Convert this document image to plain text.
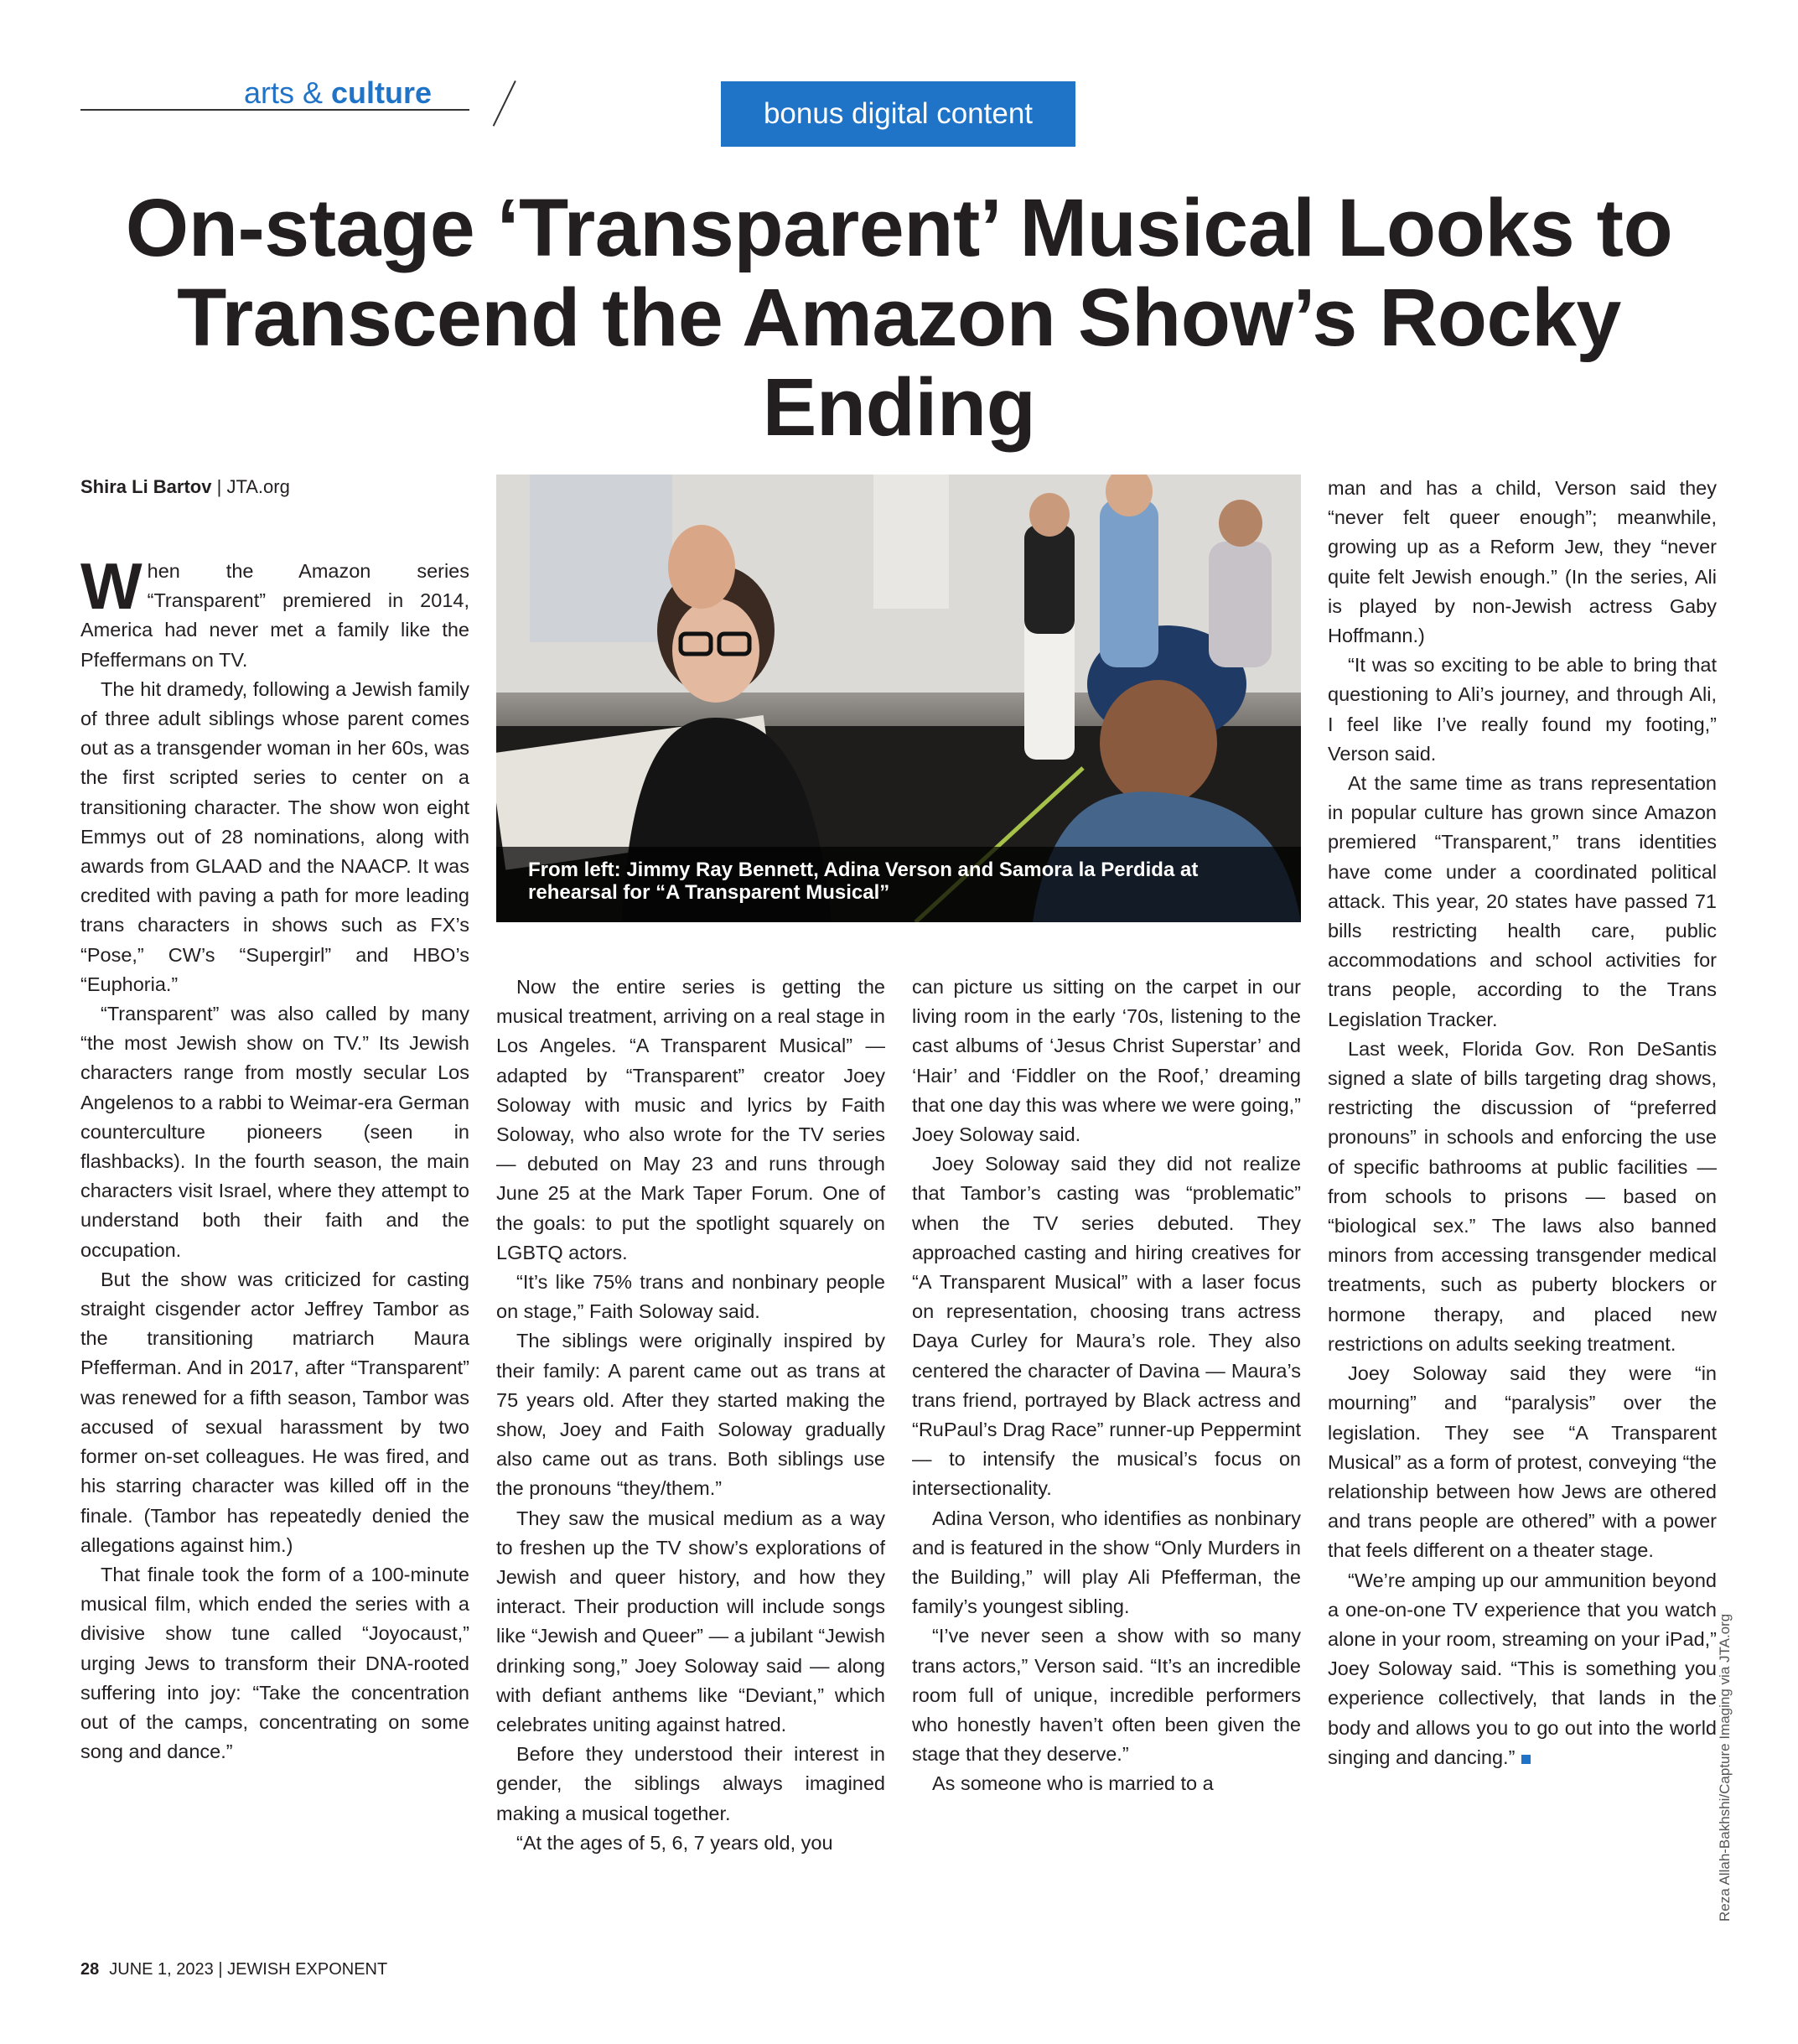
arts & culture
bonus digital content
On-stage ‘Transparent’ Musical Looks to Transcend the Amazon Show’s Rocky Ending
Shira Li Bartov | JTA.org

When the Amazon series “Transparent” premiered in 2014, America had never met a family like the Pfeffermans on TV.

The hit dramedy, following a Jewish family of three adult siblings whose parent comes out as a transgender woman in her 60s, was the first scripted series to center on a transitioning character. The show won eight Emmys out of 28 nominations, along with awards from GLAAD and the NAACP. It was credited with paving a path for more leading trans characters in shows such as FX’s “Pose,” CW’s “Supergirl” and HBO’s “Euphoria.”

“Transparent” was also called by many “the most Jewish show on TV.” Its Jewish characters range from mostly secular Los Angelenos to a rabbi to Weimar-era German counterculture pioneers (seen in flashbacks). In the fourth season, the main characters visit Israel, where they attempt to understand both their faith and the occupation.

But the show was criticized for casting straight cisgender actor Jeffrey Tambor as the transitioning matriarch Maura Pfefferman. And in 2017, after “Transparent” was renewed for a fifth season, Tambor was accused of sexual harassment by two former on-set colleagues. He was fired, and his starring character was killed off in the finale. (Tambor has repeatedly denied the allegations against him.)

That finale took the form of a 100-minute musical film, which ended the series with a divisive show tune called “Joyocaust,” urging Jews to transform their DNA-rooted suffering into joy: “Take the concentration out of the camps, concentrating on some song and dance.”

From left: Jimmy Ray Bennett, Adina Verson and Samora la Perdida at rehearsal for “A Transparent Musical”

Now the entire series is getting the musical treatment, arriving on a real stage in Los Angeles. “A Transparent Musical” — adapted by “Transparent” creator Joey Soloway with music and lyrics by Faith Soloway, who also wrote for the TV series — debuted on May 23 and runs through June 25 at the Mark Taper Forum. One of the goals: to put the spotlight squarely on LGBTQ actors.

“It’s like 75% trans and nonbinary people on stage,” Faith Soloway said.

The siblings were originally inspired by their family: A parent came out as trans at 75 years old. After they started making the show, Joey and Faith Soloway gradually also came out as trans. Both siblings use the pronouns “they/them.”

They saw the musical medium as a way to freshen up the TV show’s explorations of Jewish and queer history, and how they interact. Their production will include songs like “Jewish and Queer” — a jubilant “Jewish drinking song,” Joey Soloway said — along with defiant anthems like “Deviant,” which celebrates uniting against hatred.

Before they understood their interest in gender, the siblings always imagined making a musical together.

“At the ages of 5, 6, 7 years old, you

can picture us sitting on the carpet in our living room in the early ‘70s, listening to the cast albums of ‘Jesus Christ Superstar’ and ‘Hair’ and ‘Fiddler on the Roof,’ dreaming that one day this was where we were going,” Joey Soloway said.

Joey Soloway said they did not realize that Tambor’s casting was “problematic” when the TV series debuted. They approached casting and hiring creatives for “A Transparent Musical” with a laser focus on representation, choosing trans actress Daya Curley for Maura’s role. They also centered the character of Davina — Maura’s trans friend, portrayed by Black actress and “RuPaul’s Drag Race” runner-up Peppermint — to intensify the musical’s focus on intersectionality.

Adina Verson, who identifies as nonbinary and is featured in the show “Only Murders in the Building,” will play Ali Pfefferman, the family’s youngest sibling.

“I’ve never seen a show with so many trans actors,” Verson said. “It’s an incredible room full of unique, incredible performers who honestly haven’t often been given the stage that they deserve.”

As someone who is married to a

man and has a child, Verson said they “never felt queer enough”; meanwhile, growing up as a Reform Jew, they “never quite felt Jewish enough.” (In the series, Ali is played by non-Jewish actress Gaby Hoffmann.)

“It was so exciting to be able to bring that questioning to Ali’s journey, and through Ali, I feel like I’ve really found my footing,” Verson said.

At the same time as trans representation in popular culture has grown since Amazon premiered “Transparent,” trans identities have come under a coordinated political attack. This year, 20 states have passed 71 bills restricting health care, public accommodations and school activities for trans people, according to the Trans Legislation Tracker.

Last week, Florida Gov. Ron DeSantis signed a slate of bills targeting drag shows, restricting the discussion of “preferred pronouns” in schools and enforcing the use of specific bathrooms at public facilities — from schools to prisons — based on “biological sex.” The laws also banned minors from accessing transgender medical treatments, such as puberty blockers or hormone therapy, and placed new restrictions on adults seeking treatment.

Joey Soloway said they were “in mourning” and “paralysis” over the legislation. They see “A Transparent Musical” as a form of protest, conveying “the relationship between how Jews are othered and trans people are othered” with a power that feels different on a theater stage.

“We’re amping up our ammunition beyond a one-on-one TV experience that you watch alone in your room, streaming on your iPad,” Joey Soloway said. “This is something you experience collectively, that lands in the body and allows you to go out into the world singing and dancing.”	Reza Allah-Bakhshi/Capture Imaging via JTA.org
28 JUNE 1, 2023 | JEWISH EXPONENT
